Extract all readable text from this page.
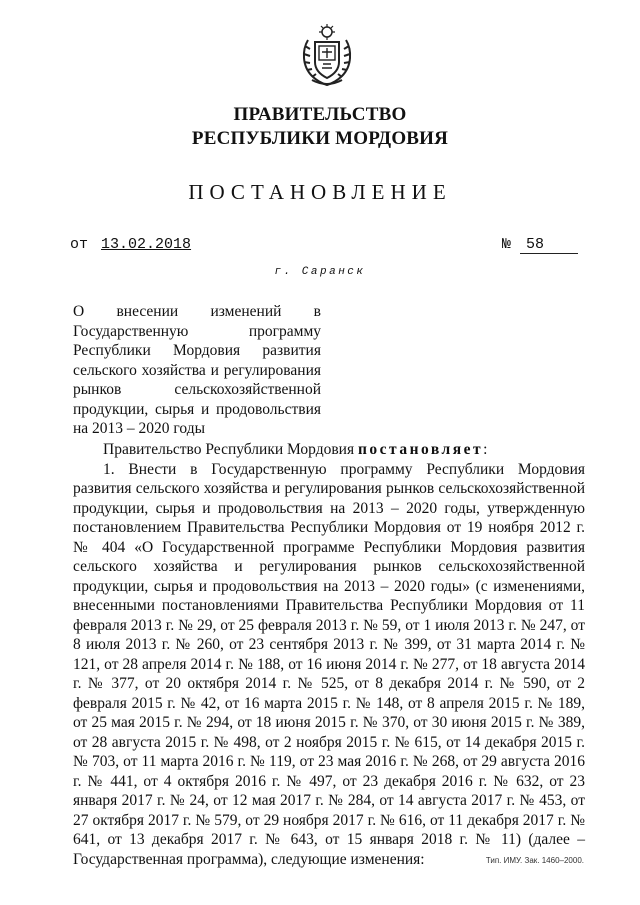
ПРАВИТЕЛЬСТВО
РЕСПУБЛИКИ МОРДОВИЯ
ПОСТАНОВЛЕНИЕ
от 13.02.2018	№ 58
г. Саранск
О внесении изменений в Государственную программу Республики Мордовия развития сельского хозяйства и регулирования рынков сельскохозяйственной продукции, сырья и продовольствия на 2013 – 2020 годы

Правительство Республики Мордовия постановляет:

1. Внести в Государственную программу Республики Мордовия развития сельского хозяйства и регулирования рынков сельскохозяйственной продукции, сырья и продовольствия на 2013 – 2020 годы, утвержденную постановлением Правительства Республики Мордовия от 19 ноября 2012 г. № 404 «О Государственной программе Республики Мордовия развития сельского хозяйства и регулирования рынков сельскохозяйственной продукции, сырья и продовольствия на 2013 – 2020 годы» (с изменениями, внесенными постановлениями Правительства Республики Мордовия от 11 февраля 2013 г. № 29, от 25 февраля 2013 г. № 59, от 1 июля 2013 г. № 247, от 8 июля 2013 г. № 260, от 23 сентября 2013 г. № 399, от 31 марта 2014 г. № 121, от 28 апреля 2014 г. № 188, от 16 июня 2014 г. № 277, от 18 августа 2014 г. № 377, от 20 октября 2014 г. № 525, от 8 декабря 2014 г. № 590, от 2 февраля 2015 г. № 42, от 16 марта 2015 г. № 148, от 8 апреля 2015 г. № 189, от 25 мая 2015 г. № 294, от 18 июня 2015 г. № 370, от 30 июня 2015 г. № 389, от 28 августа 2015 г. № 498, от 2 ноября 2015 г. № 615, от 14 декабря 2015 г. № 703, от 11 марта 2016 г. № 119, от 23 мая 2016 г. № 268, от 29 августа 2016 г. № 441, от 4 октября 2016 г. № 497, от 23 декабря 2016 г. № 632, от 23 января 2017 г. № 24, от 12 мая 2017 г. № 284, от 14 августа 2017 г. № 453, от 27 октября 2017 г. № 579, от 29 ноября 2017 г. № 616, от 11 декабря 2017 г. № 641, от 13 декабря 2017 г. № 643, от 15 января 2018 г. № 11) (далее – Государственная программа), следующие изменения:	Тип. ИМУ. Зак. 1460–2000.
